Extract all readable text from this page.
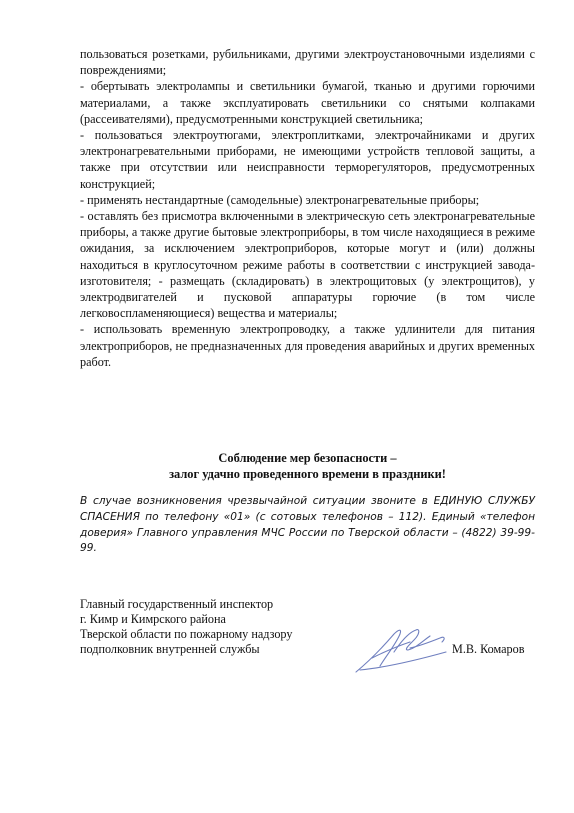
пользоваться розетками, рубильниками, другими электроустановочными изделиями с повреждениями;

- обертывать электролампы и светильники бумагой, тканью и другими горючими материалами, а также эксплуатировать светильники со снятыми колпаками (рассеивателями), предусмотренными конструкцией светильника;

- пользоваться электроутюгами, электроплитками, электрочайниками и других электронагревательными приборами, не имеющими устройств тепловой защиты, а также при отсутствии или неисправности терморегуляторов, предусмотренных конструкцией;

- применять нестандартные (самодельные) электронагревательные приборы;

- оставлять без присмотра включенными в электрическую сеть электронагревательные приборы, а также другие бытовые электроприборы, в том числе находящиеся в режиме ожидания, за исключением электроприборов, которые могут и (или) должны находиться в круглосуточном режиме работы в соответствии с инструкцией завода-изготовителя; - размещать (складировать) в электрощитовых (у электрощитов), у электродвигателей и пусковой аппаратуры горючие (в том числе легковоспламеняющиеся) вещества и материалы;

- использовать временную электропроводку, а также удлинители для питания электроприборов, не предназначенных для проведения аварийных и других временных работ.

Соблюдение мер безопасности –

залог удачно проведенного времени в праздники!

В случае возникновения чрезвычайной ситуации звоните в ЕДИНУЮ СЛУЖБУ СПАСЕНИЯ по телефону «01» (с сотовых телефонов – 112). Единый «телефон доверия» Главного управления МЧС России по Тверской области – (4822) 39-99-99.

Главный государственный инспектор

г. Кимр и Кимрского района

Тверской области по пожарному надзору

подполковник внутренней службы	М.В. Комаров
